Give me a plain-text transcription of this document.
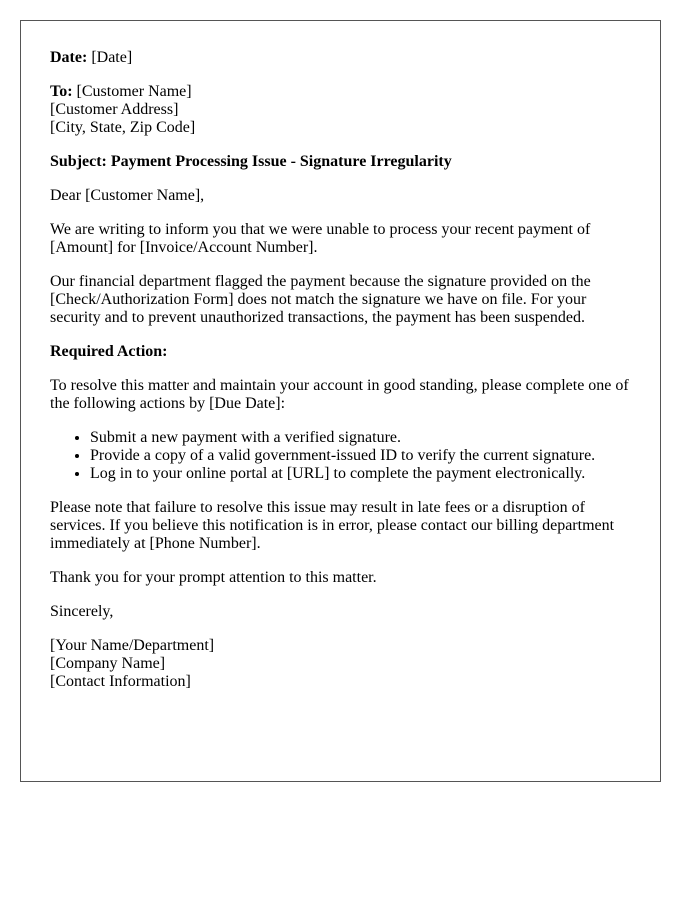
Date: [Date]

To: [Customer Name]
[Customer Address]
[City, State, Zip Code]

Subject: Payment Processing Issue - Signature Irregularity

Dear [Customer Name],

We are writing to inform you that we were unable to process your recent payment of [Amount] for [Invoice/Account Number].

Our financial department flagged the payment because the signature provided on the [Check/Authorization Form] does not match the signature we have on file. For your security and to prevent unauthorized transactions, the payment has been suspended.

Required Action:

To resolve this matter and maintain your account in good standing, please complete one of the following actions by [Due Date]:

• Submit a new payment with a verified signature.
• Provide a copy of a valid government-issued ID to verify the current signature.
• Log in to your online portal at [URL] to complete the payment electronically.

Please note that failure to resolve this issue may result in late fees or a disruption of services. If you believe this notification is in error, please contact our billing department immediately at [Phone Number].

Thank you for your prompt attention to this matter.

Sincerely,

[Your Name/Department]
[Company Name]
[Contact Information]
